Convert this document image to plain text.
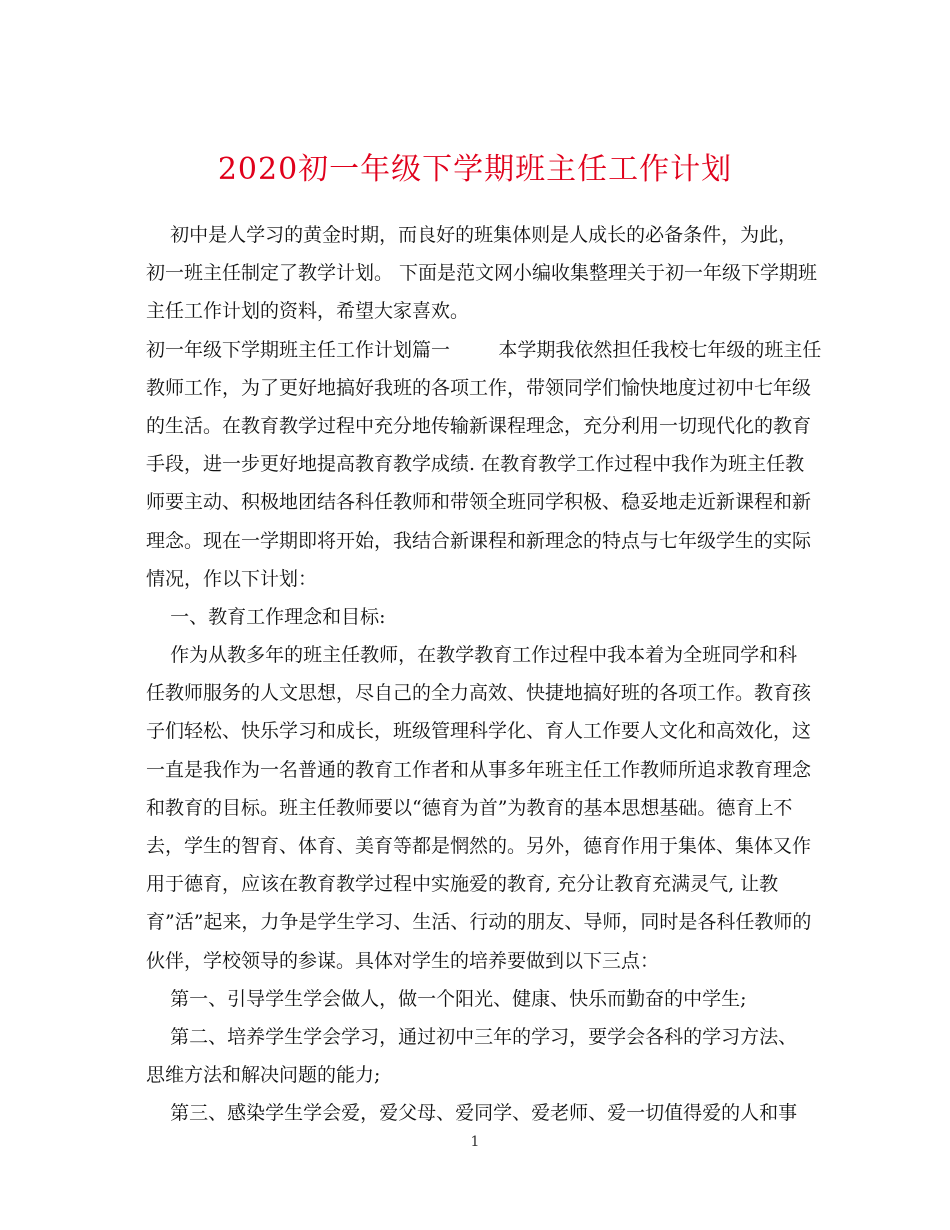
2020初一年级下学期班主任工作计划
初中是人学习的黄金时期，而良好的班集体则是人成长的必备条件，为此，
初一班主任制定了教学计划。 下面是范文网小编收集整理关于初一年级下学期班
主任工作计划的资料，希望大家喜欢。
初一年级下学期班主任工作计划篇一        本学期我依然担任我校七年级的班主任
教师工作，为了更好地搞好我班的各项工作，带领同学们愉快地度过初中七年级
的生活。在教育教学过程中充分地传输新课程理念，充分利用一切现代化的教育
手段，进一步更好地提高教育教学成绩. 在教育教学工作过程中我作为班主任教
师要主动、积极地团结各科任教师和带领全班同学积极、稳妥地走近新课程和新
理念。现在一学期即将开始，我结合新课程和新理念的特点与七年级学生的实际
情况，作以下计划：
一、教育工作理念和目标:
作为从教多年的班主任教师，在教学教育工作过程中我本着为全班同学和科
任教师服务的人文思想，尽自己的全力高效、快捷地搞好班的各项工作。教育孩
子们轻松、快乐学习和成长，班级管理科学化、育人工作要人文化和高效化，这
一直是我作为一名普通的教育工作者和从事多年班主任工作教师所追求教育理念
和教育的目标。班主任教师要以“德育为首”为教育的基本思想基础。德育上不
去，学生的智育、体育、美育等都是惘然的。另外，德育作用于集体、集体又作
用于德育，应该在教育教学过程中实施爱的教育, 充分让教育充满灵气, 让教
育”活”起来，力争是学生学习、生活、行动的朋友、导师，同时是各科任教师的
伙伴，学校领导的参谋。具体对学生的培养要做到以下三点：
第一、引导学生学会做人，做一个阳光、健康、快乐而勤奋的中学生;
第二、培养学生学会学习，通过初中三年的学习，要学会各科的学习方法、
思维方法和解决问题的能力;
第三、感染学生学会爱，爱父母、爱同学、爱老师、爱一切值得爱的人和事
1
